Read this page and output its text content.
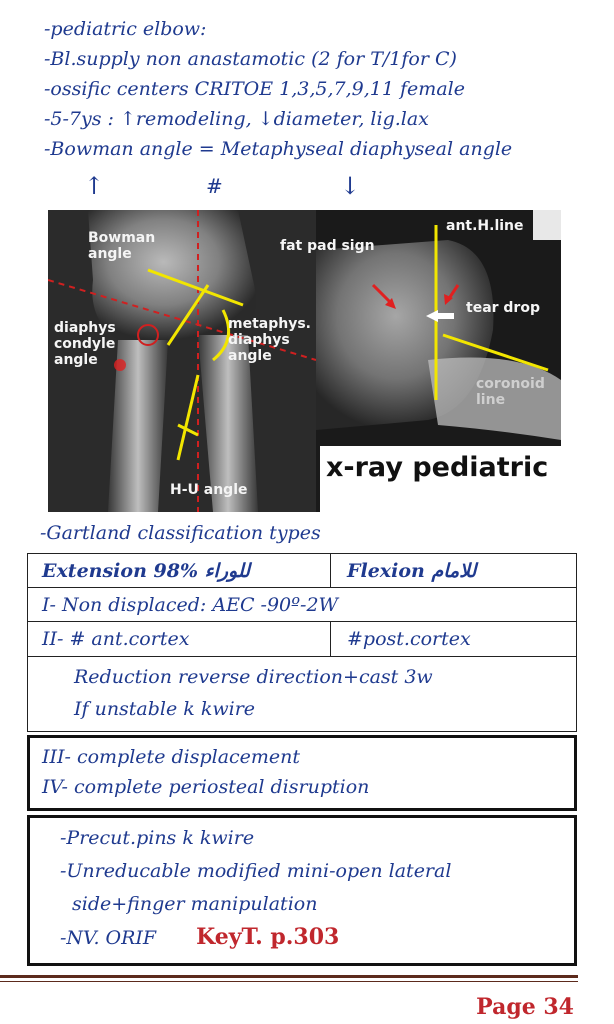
-pediatric elbow:
-Bl.supply non anastamotic (2 for T/1for C)
-ossific centers CRITOE 1,3,5,7,9,11 female
-5-7ys : ↑remodeling, ↓diameter, lig.lax
-Bowman angle = Metaphyseal diaphyseal angle
↑	#	↓
Bowman
angle	fat pad sign
ant.H.line
tear drop
diaphys
condyle
angle
metaphys.
diaphys
angle
coronoid
line
H-U angle
x-ray pediatric
-Gartland classification types
Extension 98% للوراء	Flexion للامام
I- Non displaced: AEC -90º-2W
II- # ant.cortex	#post.cortex
Reduction reverse direction+cast 3w
If unstable k kwire
III- complete displacement
IV- complete periosteal disruption
-Precut.pins k kwire
-Unreducable modified mini-open lateral
side+finger manipulation
-NV. ORIF KeyT. p.303
Page 34
